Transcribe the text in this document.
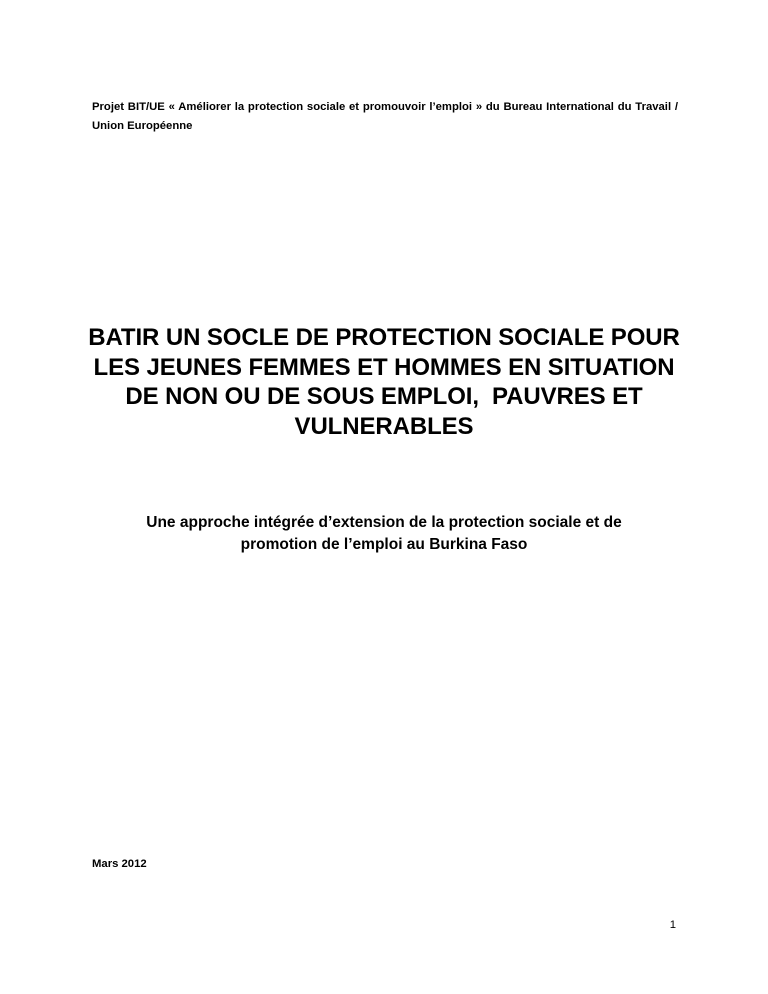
Projet BIT/UE « Améliorer la protection sociale et promouvoir l’emploi » du Bureau International du Travail / Union Européenne
BATIR UN SOCLE DE PROTECTION SOCIALE POUR
LES JEUNES FEMMES ET HOMMES EN SITUATION
DE NON OU DE SOUS EMPLOI,  PAUVRES ET
VULNERABLES
Une approche intégrée d’extension de la protection sociale et de
promotion de l’emploi au Burkina Faso
Mars 2012
1
